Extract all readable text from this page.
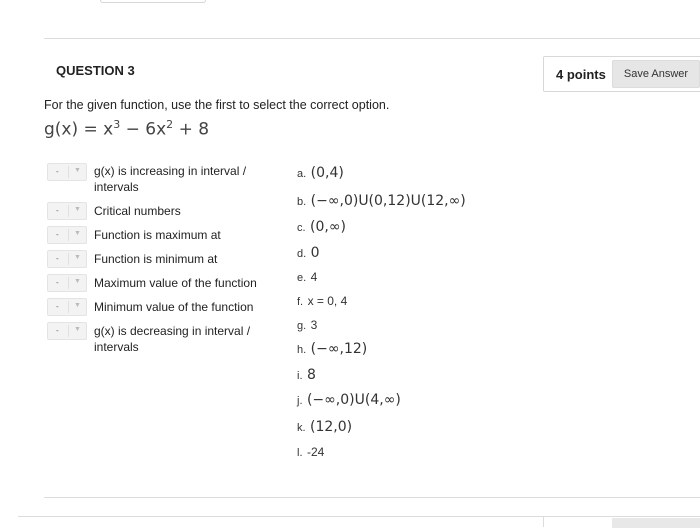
QUESTION 3	4 points	Save Answer
For the given function, use the first to select the correct option.
$g(x) = x^3 - 6x^2 + 8$
- ▼ g(x) is increasing in interval / intervals
- ▼ Critical numbers
- ▼ Function is maximum at
- ▼ Function is minimum at
- ▼ Maximum value of the function
- ▼ Minimum value of the function
- ▼ g(x) is decreasing in interval / intervals
a. (0,4)
b. (−∞,0)U(0,12)U(12,∞)
c. (0,∞)
d. 0
e. 4
f. x = 0, 4
g. 3
h. (−∞,12)
i. 8
j. (−∞,0)U(4,∞)
k. (12,0)
l. -24
